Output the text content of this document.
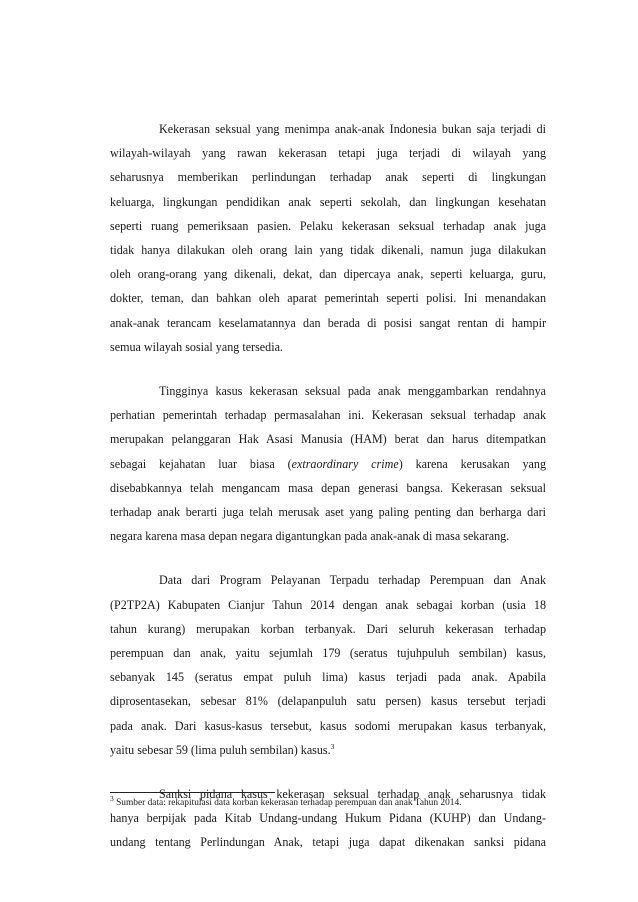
Kekerasan seksual yang menimpa anak-anak Indonesia bukan saja terjadi di
wilayah-wilayah yang rawan kekerasan tetapi juga terjadi di wilayah yang
seharusnya memberikan perlindungan terhadap anak seperti di lingkungan
keluarga, lingkungan pendidikan anak seperti sekolah, dan lingkungan kesehatan
seperti ruang pemeriksaan pasien. Pelaku kekerasan seksual terhadap anak juga
tidak hanya dilakukan oleh orang lain yang tidak dikenali, namun juga dilakukan
oleh orang-orang yang dikenali, dekat, dan dipercaya anak, seperti keluarga, guru,
dokter, teman, dan bahkan oleh aparat pemerintah seperti polisi. Ini menandakan
anak-anak terancam keselamatannya dan berada di posisi sangat rentan di hampir
semua wilayah sosial yang tersedia.
Tingginya kasus kekerasan seksual pada anak menggambarkan rendahnya
perhatian pemerintah terhadap permasalahan ini. Kekerasan seksual terhadap anak
merupakan pelanggaran Hak Asasi Manusia (HAM) berat dan harus ditempatkan
sebagai kejahatan luar biasa (extraordinary crime) karena kerusakan yang
disebabkannya telah mengancam masa depan generasi bangsa. Kekerasan seksual
terhadap anak berarti juga telah merusak aset yang paling penting dan berharga dari
negara karena masa depan negara digantungkan pada anak-anak di masa sekarang.
Data dari Program Pelayanan Terpadu terhadap Perempuan dan Anak
(P2TP2A) Kabupaten Cianjur Tahun 2014 dengan anak sebagai korban (usia 18
tahun kurang) merupakan korban terbanyak. Dari seluruh kekerasan terhadap
perempuan dan anak, yaitu sejumlah 179 (seratus tujuhpuluh sembilan) kasus,
sebanyak 145 (seratus empat puluh lima) kasus terjadi pada anak. Apabila
diprosentasekan, sebesar 81% (delapanpuluh satu persen) kasus tersebut terjadi
pada anak. Dari kasus-kasus tersebut, kasus sodomi merupakan kasus terbanyak,
yaitu sebesar 59 (lima puluh sembilan) kasus.$^3$
Sanksi pidana kasus kekerasan seksual terhadap anak seharusnya tidak
hanya berpijak pada Kitab Undang-undang Hukum Pidana (KUHP) dan Undang-
undang tentang Perlindungan Anak, tetapi juga dapat dikenakan sanksi pidana
$^3$ Sumber data: rekapitulasi data korban kekerasan terhadap perempuan dan anak Tahun 2014.
